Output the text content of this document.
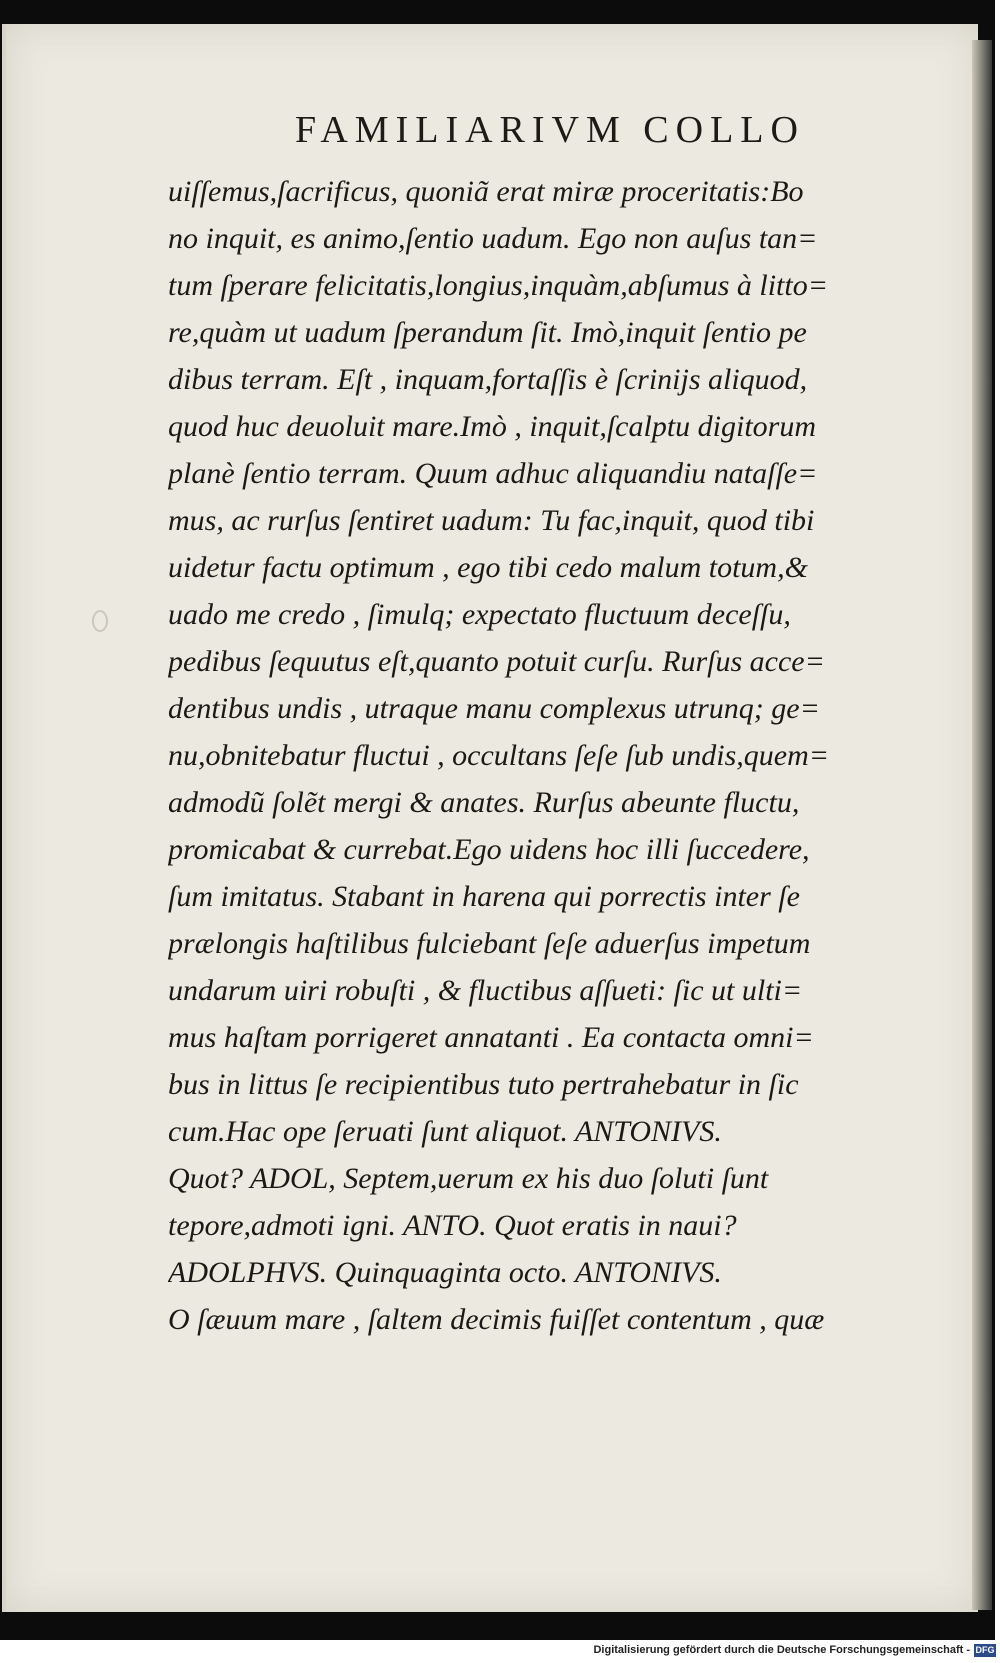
FAMILIARIVM COLLO
uiſſemus,ſacrificus, quoniã erat miræ proceritatis:Bo
no inquit, es animo,ſentio uadum. Ego non auſus tan=
tum ſperare felicitatis,longius,inquàm,abſumus à litto=
re,quàm ut uadum ſperandum ſit. Imò,inquit ſentio pe
dibus terram. Eſt , inquam,fortaſſis è ſcriniјs aliquod,
quod huc deuoluit mare.Imò , inquit,ſcalptu digitorum
planè ſentio terram. Quum adhuc aliquandiu nataſſe=
mus, ac rurſus ſentiret uadum: Tu fac,inquit, quod tibi
uidetur factu optimum , ego tibi cedo malum totum,&
uado me credo , ſimulq; expectato fluctuum deceſſu,
pedibus ſequutus eſt,quanto potuit curſu. Rurſus acce=
dentibus undis , utraque manu complexus utrunq; ge=
nu,obnitebatur fluctui , occultans ſeſe ſub undis,quem=
admodũ ſolẽt mergi & anates. Rurſus abeunte fluctu,
promicabat & currebat.Ego uidens hoc illi ſuccedere,
ſum imitatus. Stabant in harena qui porrectis inter ſe
prælongis haſtilibus fulciebant ſeſe aduerſus impetum
undarum uiri robuſti , & fluctibus aſſueti: ſic ut ulti=
mus haſtam porrigeret annatanti . Ea contacta omni=
bus in littus ſe recipientibus tuto pertrahebatur in ſic
cum.Hac ope ſeruati ſunt aliquot. ANTONIVS.
Quot? ADOL, Septem,uerum ex his duo ſoluti ſunt
tepore,admoti igni. ANTO. Quot eratis in naui?
ADOLPHVS. Quinquaginta octo. ANTONIVS.
O ſæuum mare , ſaltem decimis fuiſſet contentum , quæ
Digitalisierung gefördert durch die Deutsche Forschungsgemeinschaft - DFG
